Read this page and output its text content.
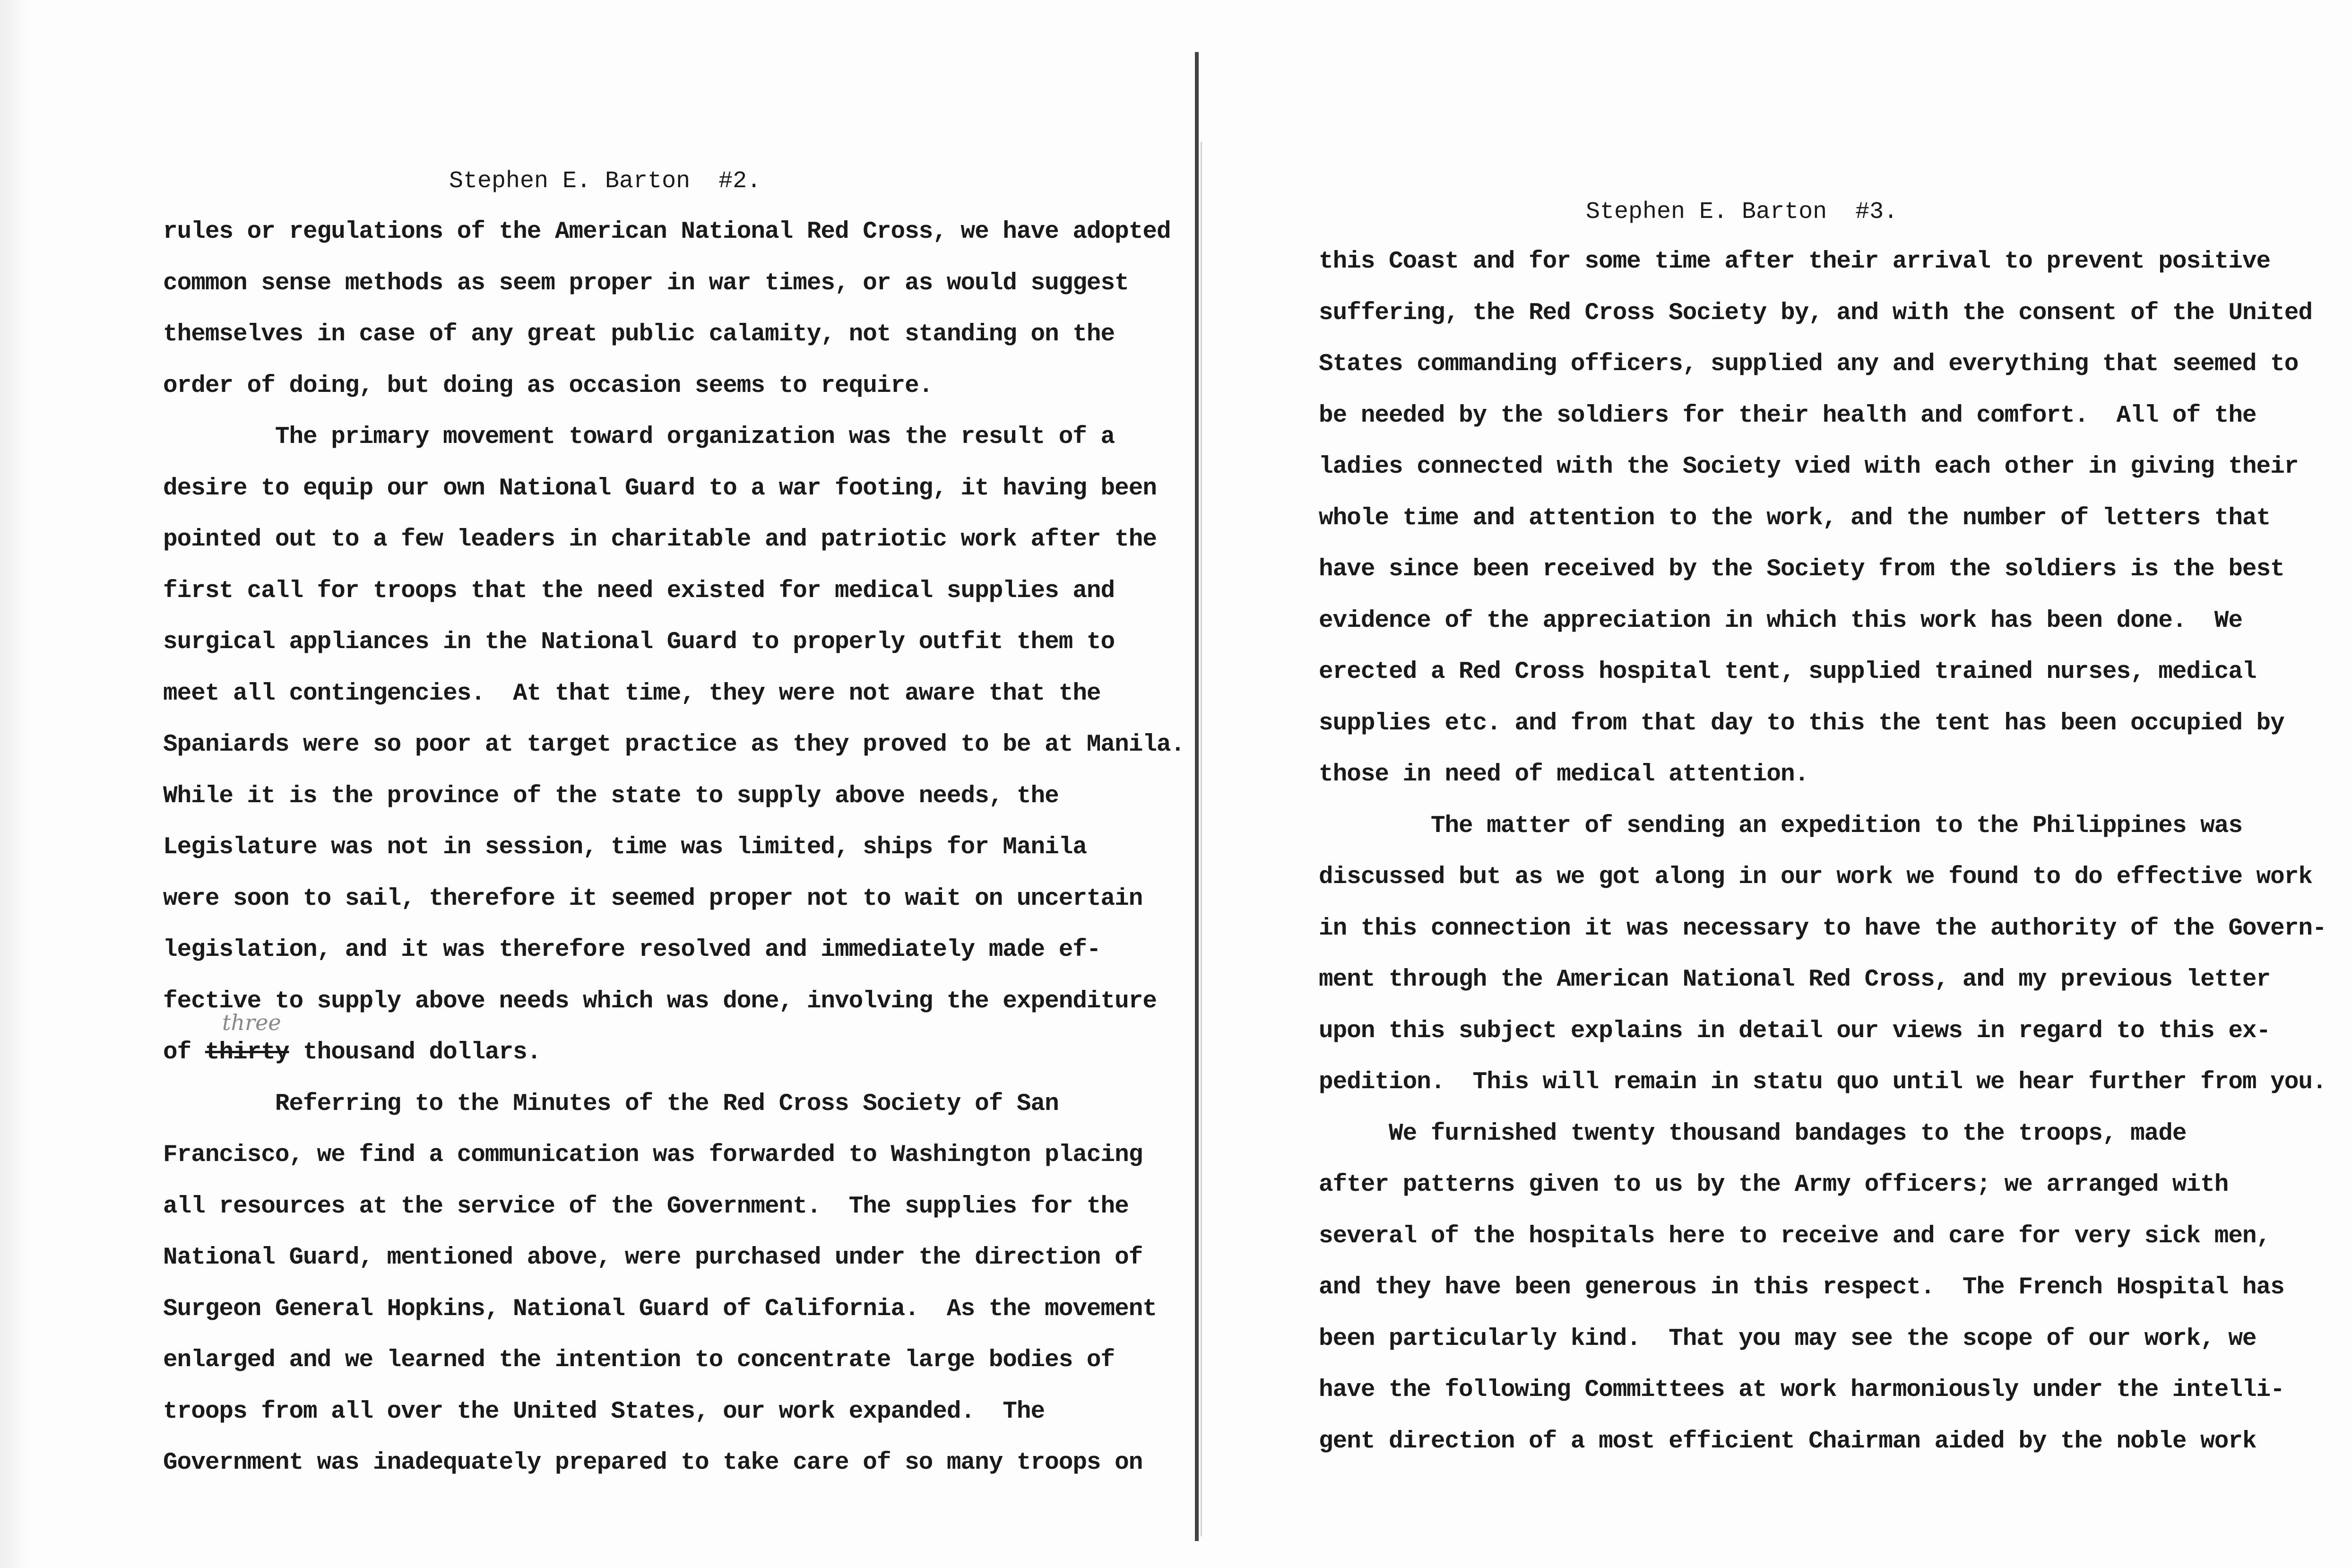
Stephen E. Barton  #2.
rules or regulations of the American National Red Cross, we have adopted
common sense methods as seem proper in war times, or as would suggest
themselves in case of any great public calamity, not standing on the
order of doing, but doing as occasion seems to require.
The primary movement toward organization was the result of a
desire to equip our own National Guard to a war footing, it having been
pointed out to a few leaders in charitable and patriotic work after the
first call for troops that the need existed for medical supplies and
surgical appliances in the National Guard to properly outfit them to
meet all contingencies.  At that time, they were not aware that the
Spaniards were so poor at target practice as they proved to be at Manila.
While it is the province of the state to supply above needs, the
Legislature was not in session, time was limited, ships for Manila
were soon to sail, therefore it seemed proper not to wait on uncertain
legislation, and it was therefore resolved and immediately made ef-
fective to supply above needs which was done, involving the expenditure
of thirty thousand dollars.
three
Referring to the Minutes of the Red Cross Society of San
Francisco, we find a communication was forwarded to Washington placing
all resources at the service of the Government.  The supplies for the
National Guard, mentioned above, were purchased under the direction of
Surgeon General Hopkins, National Guard of California.  As the movement
enlarged and we learned the intention to concentrate large bodies of
troops from all over the United States, our work expanded.  The
Government was inadequately prepared to take care of so many troops on
Stephen E. Barton  #3.
this Coast and for some time after their arrival to prevent positive
suffering, the Red Cross Society by, and with the consent of the United
States commanding officers, supplied any and everything that seemed to
be needed by the soldiers for their health and comfort.  All of the
ladies connected with the Society vied with each other in giving their
whole time and attention to the work, and the number of letters that
have since been received by the Society from the soldiers is the best
evidence of the appreciation in which this work has been done.  We
erected a Red Cross hospital tent, supplied trained nurses, medical
supplies etc. and from that day to this the tent has been occupied by
those in need of medical attention.
The matter of sending an expedition to the Philippines was
discussed but as we got along in our work we found to do effective work
in this connection it was necessary to have the authority of the Govern-
ment through the American National Red Cross, and my previous letter
upon this subject explains in detail our views in regard to this ex-
pedition.  This will remain in statu quo until we hear further from you.
We furnished twenty thousand bandages to the troops, made
after patterns given to us by the Army officers; we arranged with
several of the hospitals here to receive and care for very sick men,
and they have been generous in this respect.  The French Hospital has
been particularly kind.  That you may see the scope of our work, we
have the following Committees at work harmoniously under the intelli-
gent direction of a most efficient Chairman aided by the noble work
